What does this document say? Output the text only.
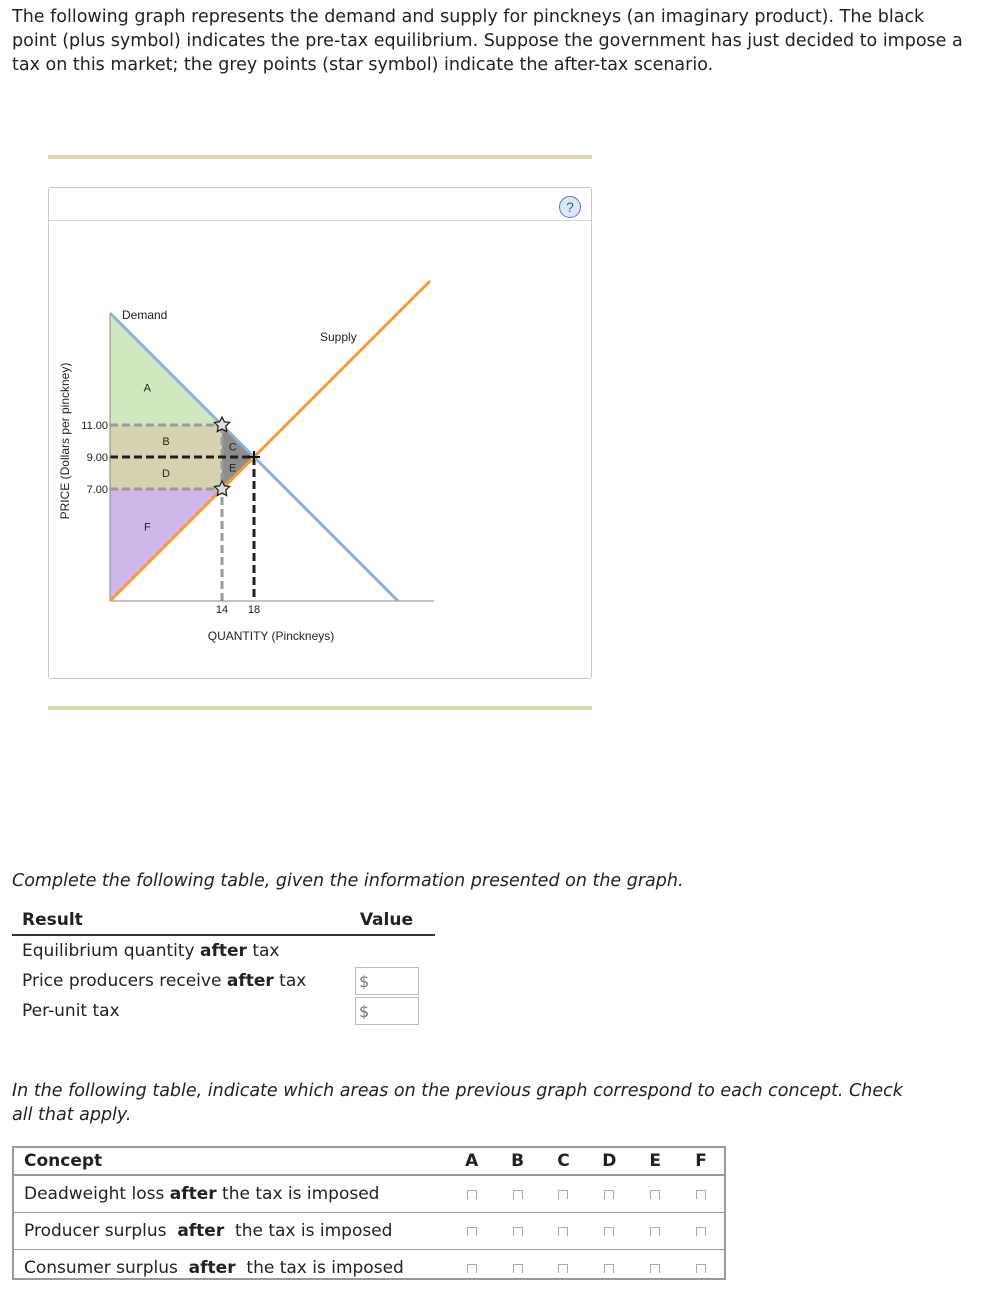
The following graph represents the demand and supply for pinckneys (an imaginary product). The black point (plus symbol) indicates the pre-tax equilibrium. Suppose the government has just decided to impose a tax on this market; the grey points (star symbol) indicate the after-tax scenario.
?
Demand
Supply
11.00
9.00
7.00
14 18
QUANTITY (Pinckneys)
PRICE (Dollars per pinckney)	A
B	C
D	E
F
Complete the following table, given the information presented on the graph.
Result	Value
Equilibrium quantity after tax
Price producers receive after tax	$
Per-unit tax	$
In the following table, indicate which areas on the previous graph correspond to each concept. Check all that apply.
Concept	A	B	C	D	E	F
Deadweight loss after the tax is imposed
Producer surplus  after  the tax is imposed
Consumer surplus  after  the tax is imposed
